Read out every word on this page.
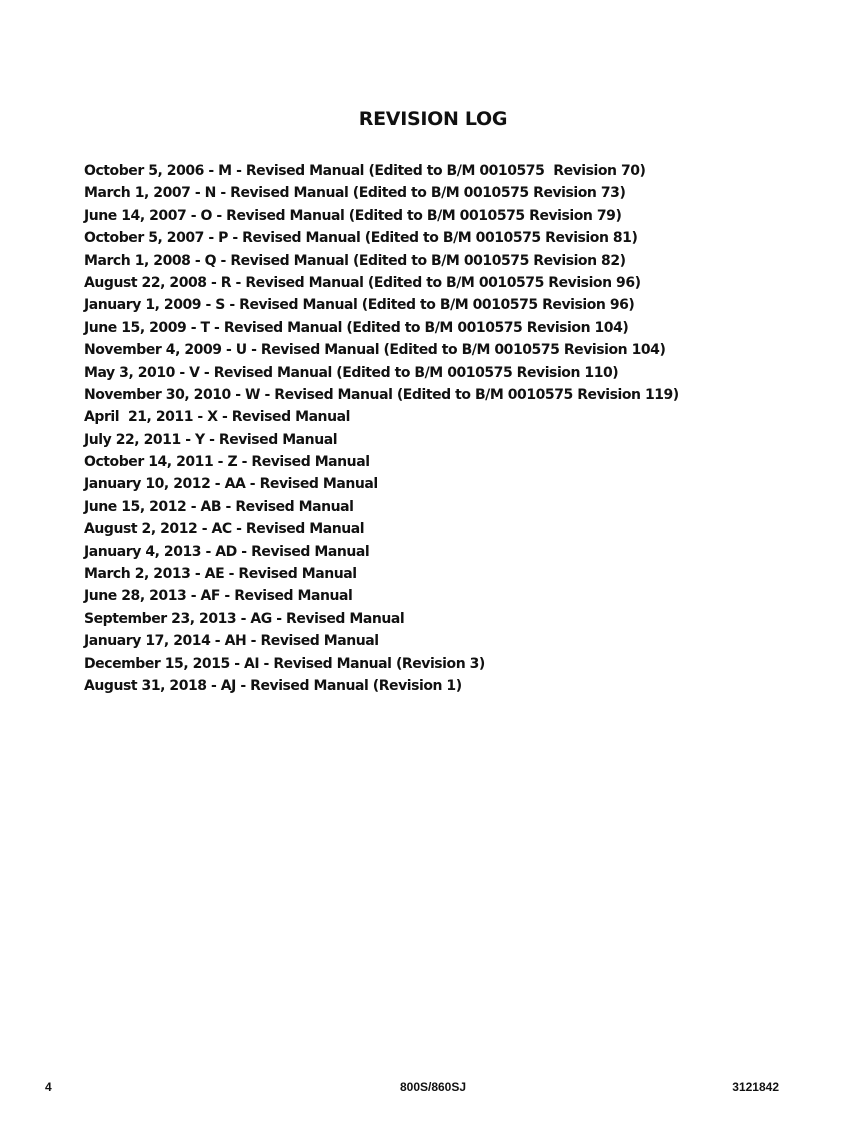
REVISION LOG
October 5, 2006 - M - Revised Manual (Edited to B/M 0010575  Revision 70)
March 1, 2007 - N - Revised Manual (Edited to B/M 0010575 Revision 73)
June 14, 2007 - O - Revised Manual (Edited to B/M 0010575 Revision 79)
October 5, 2007 - P - Revised Manual (Edited to B/M 0010575 Revision 81)
March 1, 2008 - Q - Revised Manual (Edited to B/M 0010575 Revision 82)
August 22, 2008 - R - Revised Manual (Edited to B/M 0010575 Revision 96)
January 1, 2009 - S - Revised Manual (Edited to B/M 0010575 Revision 96)
June 15, 2009 - T - Revised Manual (Edited to B/M 0010575 Revision 104)
November 4, 2009 - U - Revised Manual (Edited to B/M 0010575 Revision 104)
May 3, 2010 - V - Revised Manual (Edited to B/M 0010575 Revision 110)
November 30, 2010 - W - Revised Manual (Edited to B/M 0010575 Revision 119)
April  21, 2011 - X - Revised Manual
July 22, 2011 - Y - Revised Manual
October 14, 2011 - Z - Revised Manual
January 10, 2012 - AA - Revised Manual
June 15, 2012 - AB - Revised Manual
August 2, 2012 - AC - Revised Manual
January 4, 2013 - AD - Revised Manual
March 2, 2013 - AE - Revised Manual
June 28, 2013 - AF - Revised Manual
September 23, 2013 - AG - Revised Manual
January 17, 2014 - AH - Revised Manual
December 15, 2015 - AI - Revised Manual (Revision 3)
August 31, 2018 - AJ - Revised Manual (Revision 1)
4	800S/860SJ	3121842
